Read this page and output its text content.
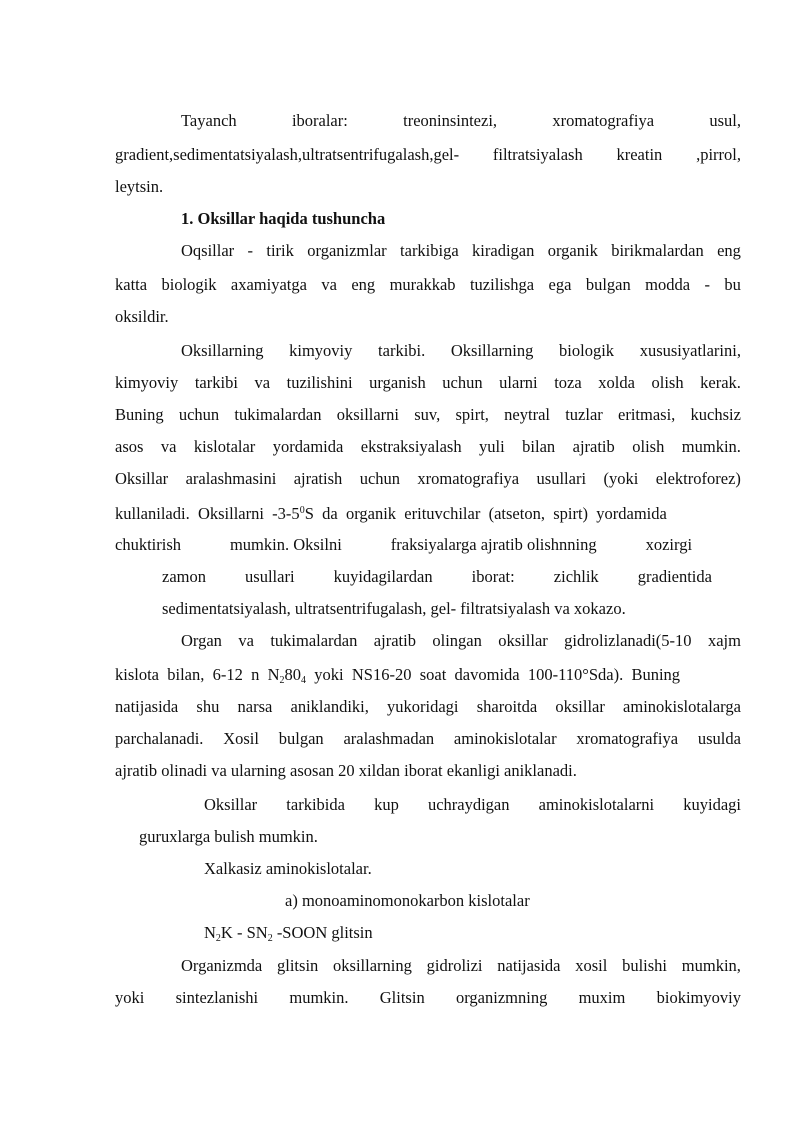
Tayanch	iboralar:	treoninsintezi,	xromatografiya	usul,
gradient,sedimentatsiyalash,ultratsentrifugalash,gel- filtratsiyalash kreatin ,pirrol,
leytsin.
1. Oksillar haqida tushuncha
Oqsillar - tirik organizmlar tarkibiga kiradigan organik birikmalardan eng
katta biologik axamiyatga va eng murakkab tuzilishga ega bulgan modda - bu
oksildir.
Oksillarning kimyoviy tarkibi. Oksillarning biologik xususiyatlarini,
kimyoviy tarkibi va tuzilishini urganish uchun ularni toza xolda olish kerak.
Buning uchun tukimalardan oksillarni suv, spirt, neytral tuzlar eritmasi, kuchsiz
asos va kislotalar yordamida ekstraksiyalash yuli bilan ajratib olish mumkin.
Oksillar aralashmasini ajratish uchun xromatografiya usullari (yoki elektroforez)
kullaniladi.  Oksillarni  $-3-5^0S$  da  organik  erituvchilar  (atseton,  spirt)  yordamida
chuktirish	mumkin. Oksilni	fraksiyalarga ajratib olishnning	xozirgi
zamon usullari kuyidagilardan iborat: zichlik gradientida
sedimentatsiyalash, ultratsentrifugalash, gel- filtratsiyalash va xokazo.
Organ va tukimalardan ajratib olingan oksillar gidrolizlanadi(5-10 xajm
kislota  bilan,  6-12  n  $N_280_4$  yoki  NS16-20  soat  davomida  100-110°Sda).  Buning
natijasida shu narsa aniklandiki, yukoridagi sharoitda oksillar aminokislotalarga
parchalanadi. Xosil bulgan aralashmadan aminokislotalar xromatografiya usulda
ajratib olinadi va ularning asosan 20 xildan iborat ekanligi aniklanadi.
Oksillar tarkibida kup uchraydigan aminokislotalarni kuyidagi
guruxlarga bulish mumkin.
Xalkasiz aminokislotalar.
a) monoaminomonokarbon kislotalar
$N_2K - SN_2$ -SOON glitsin
Organizmda glitsin oksillarning gidrolizi natijasida xosil bulishi mumkin,
yoki sintezlanishi mumkin. Glitsin organizmning muxim biokimyoviy
